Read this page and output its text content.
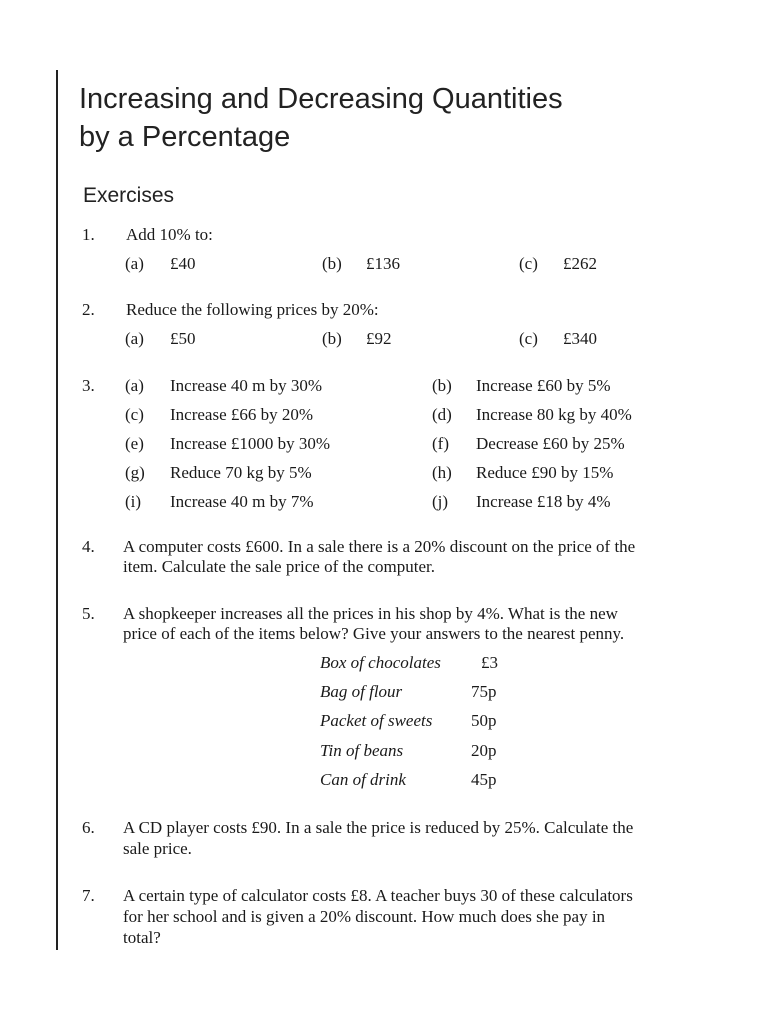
Increasing and Decreasing Quantities
by a Percentage
Exercises
1. Add 10% to:
(a) £40	(b) £136	(c) £262
2. Reduce the following prices by 20%:
(a) £50	(b) £92	(c) £340
3. (a) Increase 40 m by 30%	(b) Increase £60 by 5%
(c) Increase £66 by 20%	(d) Increase 80 kg by 40%
(e) Increase £1000 by 30%	(f) Decrease £60 by 25%
(g) Reduce 70 kg by 5%	(h) Reduce £90 by 15%
(i) Increase 40 m by 7%	(j) Increase £18 by 4%
4. A computer costs £600. In a sale there is a 20% discount on the price of the
item. Calculate the sale price of the computer.
5. A shopkeeper increases all the prices in his shop by 4%. What is the new
price of each of the items below? Give your answers to the nearest penny.
Box of chocolates £3
Bag of flour	75p
Packet of sweets 50p
Tin of beans	20p
Can of drink	45p
6. A CD player costs £90. In a sale the price is reduced by 25%. Calculate the
sale price.
7. A certain type of calculator costs £8. A teacher buys 30 of these calculators
for her school and is given a 20% discount. How much does she pay in
total?
